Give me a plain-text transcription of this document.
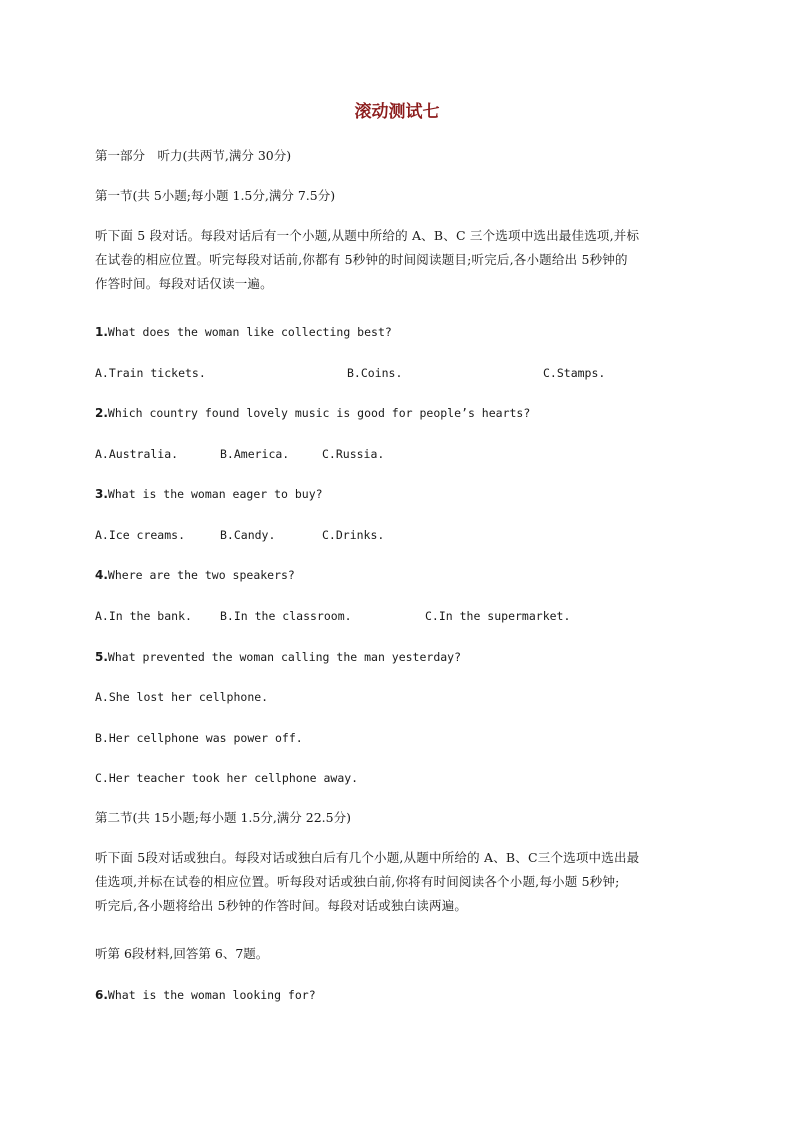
滚动测试七
第一部分　听力(共两节,满分 30分)
第一节(共 5小题;每小题 1.5分,满分 7.5分)
听下面 5 段对话。每段对话后有一个小题,从题中所给的 A、B、C 三个选项中选出最佳选项,并标
在试卷的相应位置。听完每段对话前,你都有 5秒钟的时间阅读题目;听完后,各小题给出 5秒钟的
作答时间。每段对话仅读一遍。
1.What does the woman like collecting best?
A.Train tickets.	B.Coins.	C.Stamps.
2.Which country found lovely music is good for people’s hearts?
A.Australia.	B.America.	C.Russia.
3.What is the woman eager to buy?
A.Ice creams.	B.Candy.	C.Drinks.
4.Where are the two speakers?
A.In the bank. B.In the classroom.	C.In the supermarket.
5.What prevented the woman calling the man yesterday?
A.She lost her cellphone.
B.Her cellphone was power off.
C.Her teacher took her cellphone away.
第二节(共 15小题;每小题 1.5分,满分 22.5分)
听下面 5段对话或独白。每段对话或独白后有几个小题,从题中所给的 A、B、C三个选项中选出最
佳选项,并标在试卷的相应位置。听每段对话或独白前,你将有时间阅读各个小题,每小题 5秒钟;
听完后,各小题将给出 5秒钟的作答时间。每段对话或独白读两遍。
听第 6段材料,回答第 6、7题。
6.What is the woman looking for?
